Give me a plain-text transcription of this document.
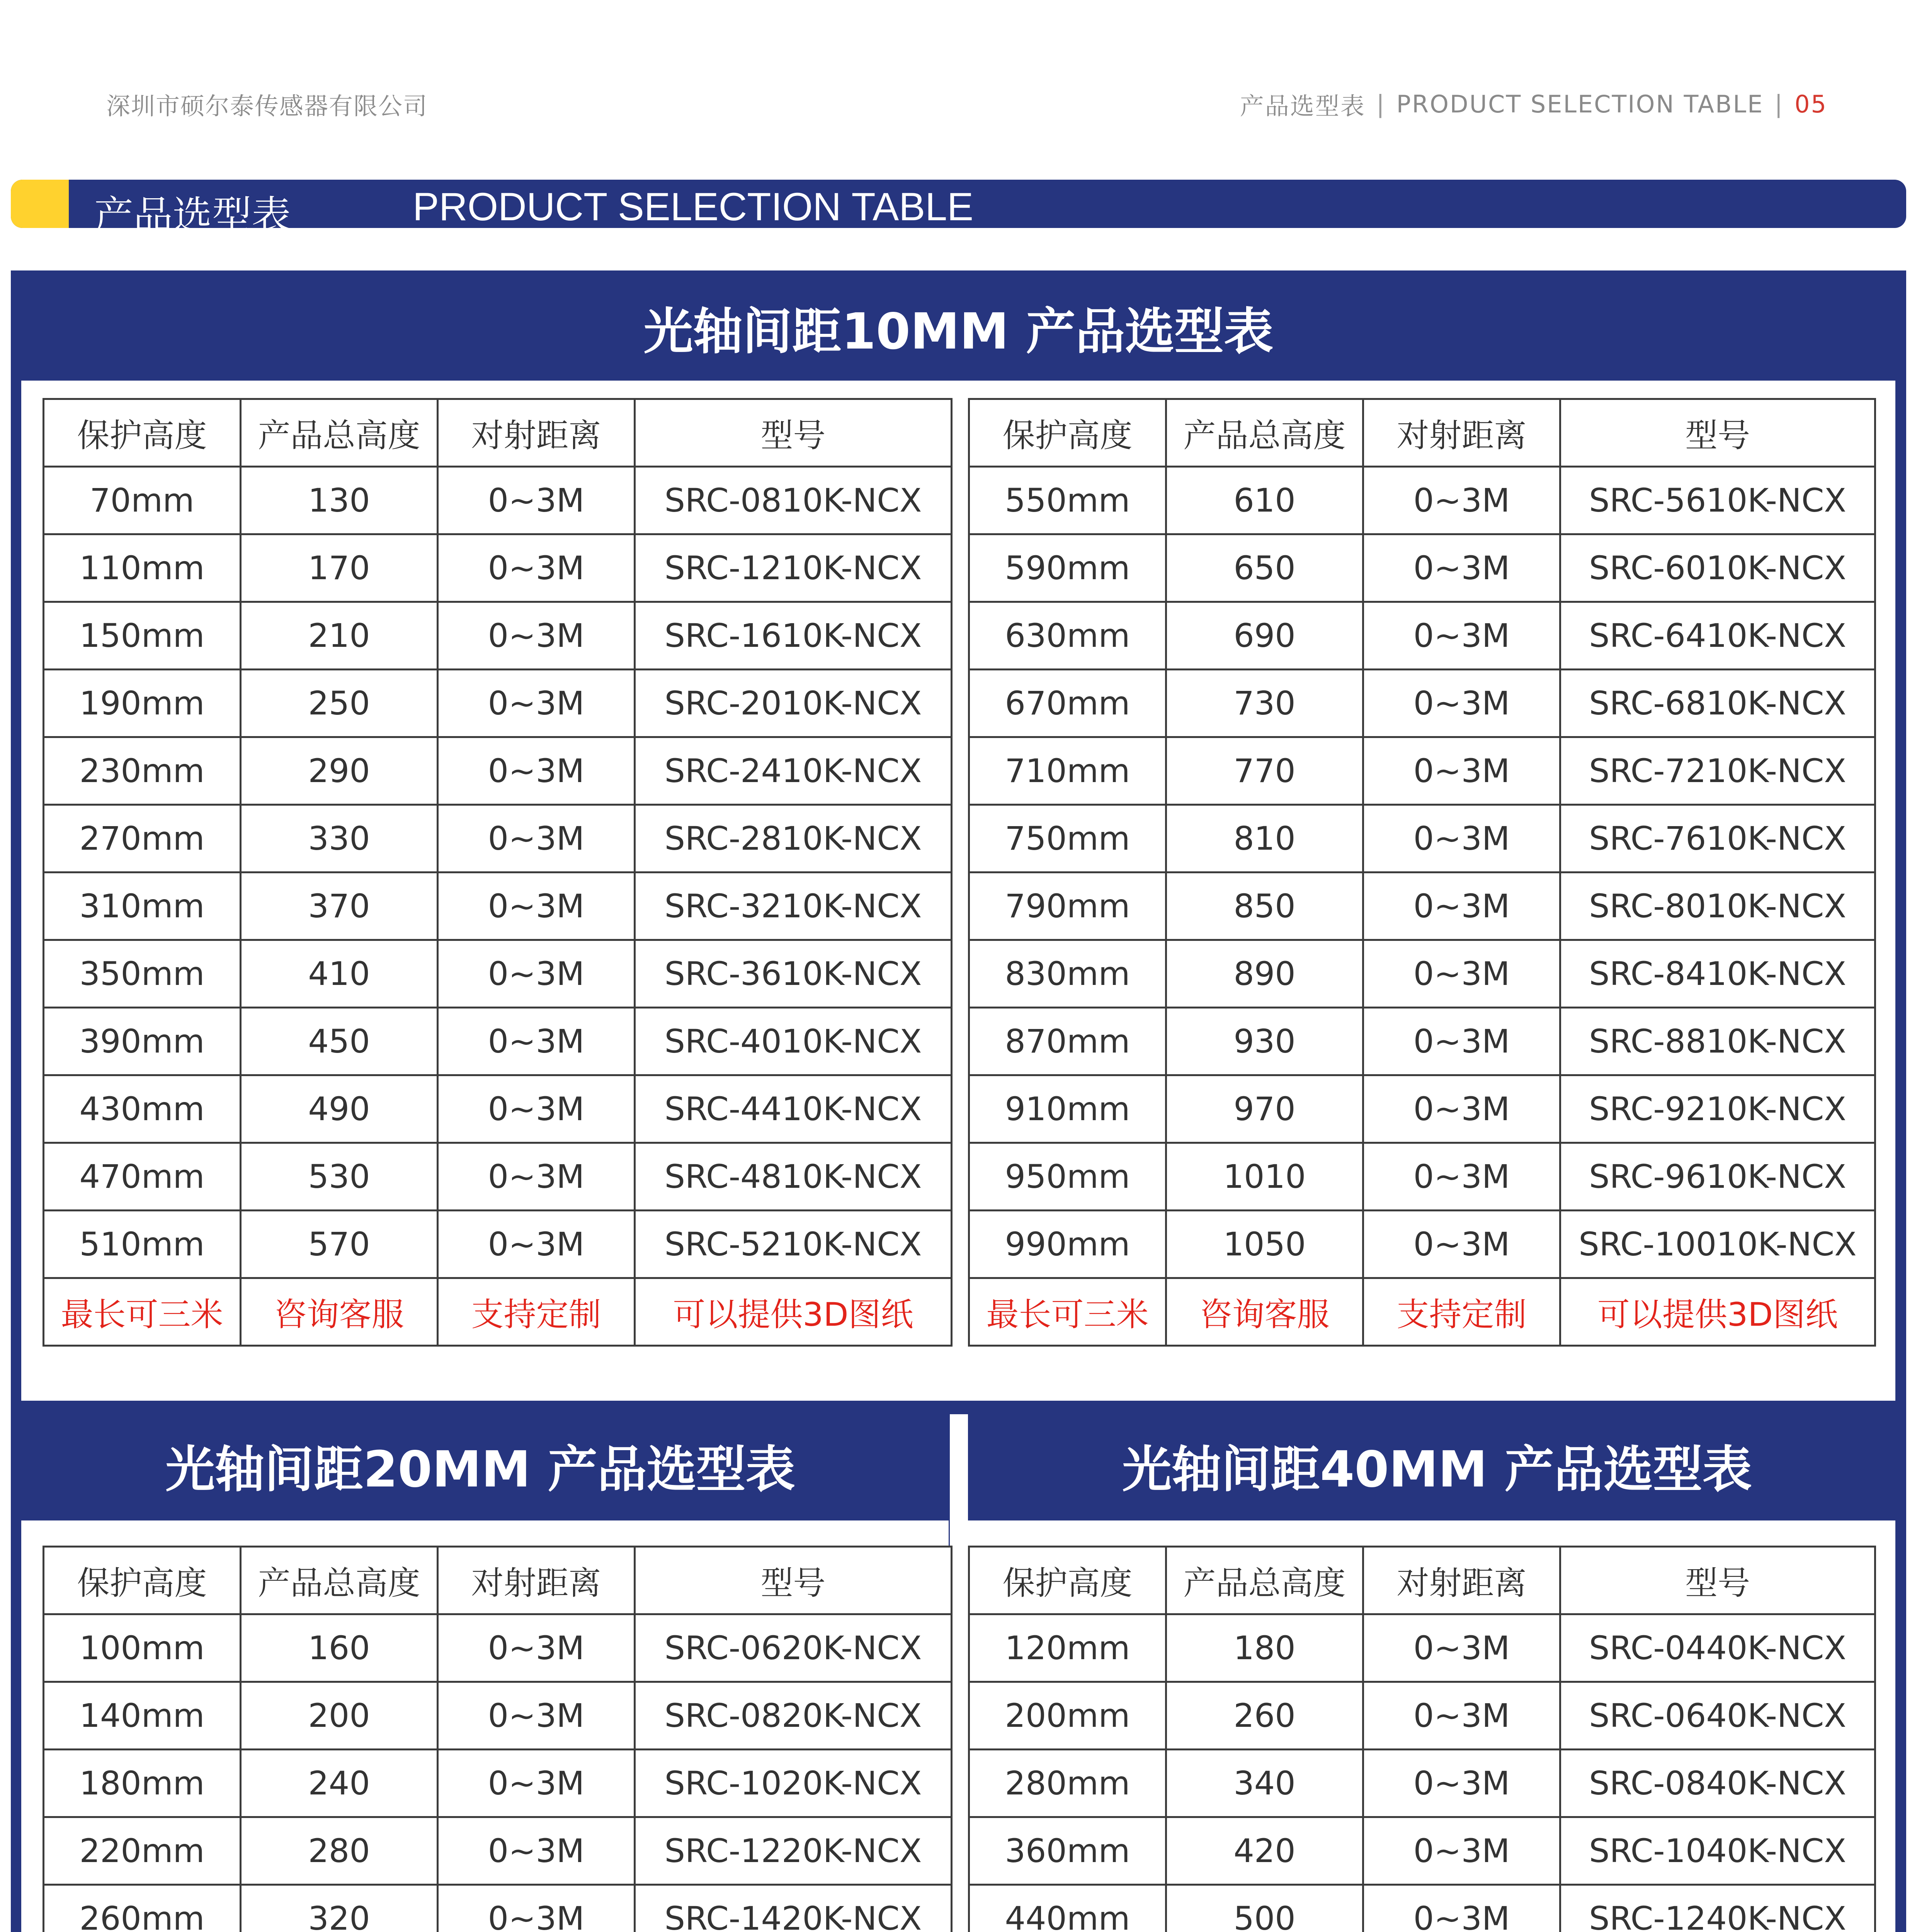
深圳市硕尔泰传感器有限公司	产品选型表 | PRODUCT SELECTION TABLE | 05
产品选型表	PRODUCT SELECTION TABLE
光轴间距10MM 产品选型表
保护高度	产品总高度	对射距离	型号
70mm	130	0~3M	SRC-0810K-NCX
110mm	170	0~3M	SRC-1210K-NCX
150mm	210	0~3M	SRC-1610K-NCX
190mm	250	0~3M	SRC-2010K-NCX
230mm	290	0~3M	SRC-2410K-NCX
270mm	330	0~3M	SRC-2810K-NCX
310mm	370	0~3M	SRC-3210K-NCX
350mm	410	0~3M	SRC-3610K-NCX
390mm	450	0~3M	SRC-4010K-NCX
430mm	490	0~3M	SRC-4410K-NCX
470mm	530	0~3M	SRC-4810K-NCX
510mm	570	0~3M	SRC-5210K-NCX
最长可三米	咨询客服	支持定制	可以提供3D图纸
保护高度	产品总高度	对射距离	型号
550mm	610	0~3M	SRC-5610K-NCX
590mm	650	0~3M	SRC-6010K-NCX
630mm	690	0~3M	SRC-6410K-NCX
670mm	730	0~3M	SRC-6810K-NCX
710mm	770	0~3M	SRC-7210K-NCX
750mm	810	0~3M	SRC-7610K-NCX
790mm	850	0~3M	SRC-8010K-NCX
830mm	890	0~3M	SRC-8410K-NCX
870mm	930	0~3M	SRC-8810K-NCX
910mm	970	0~3M	SRC-9210K-NCX
950mm	1010	0~3M	SRC-9610K-NCX
990mm	1050	0~3M	SRC-10010K-NCX
最长可三米	咨询客服	支持定制	可以提供3D图纸
光轴间距20MM 产品选型表
保护高度	产品总高度	对射距离	型号
100mm	160	0~3M	SRC-0620K-NCX
140mm	200	0~3M	SRC-0820K-NCX
180mm	240	0~3M	SRC-1020K-NCX
220mm	280	0~3M	SRC-1220K-NCX
260mm	320	0~3M	SRC-1420K-NCX

光轴间距40MM 产品选型表
保护高度	产品总高度	对射距离	型号
120mm	180	0~3M	SRC-0440K-NCX
200mm	260	0~3M	SRC-0640K-NCX
280mm	340	0~3M	SRC-0840K-NCX
360mm	420	0~3M	SRC-1040K-NCX
440mm	500	0~3M	SRC-1240K-NCX
